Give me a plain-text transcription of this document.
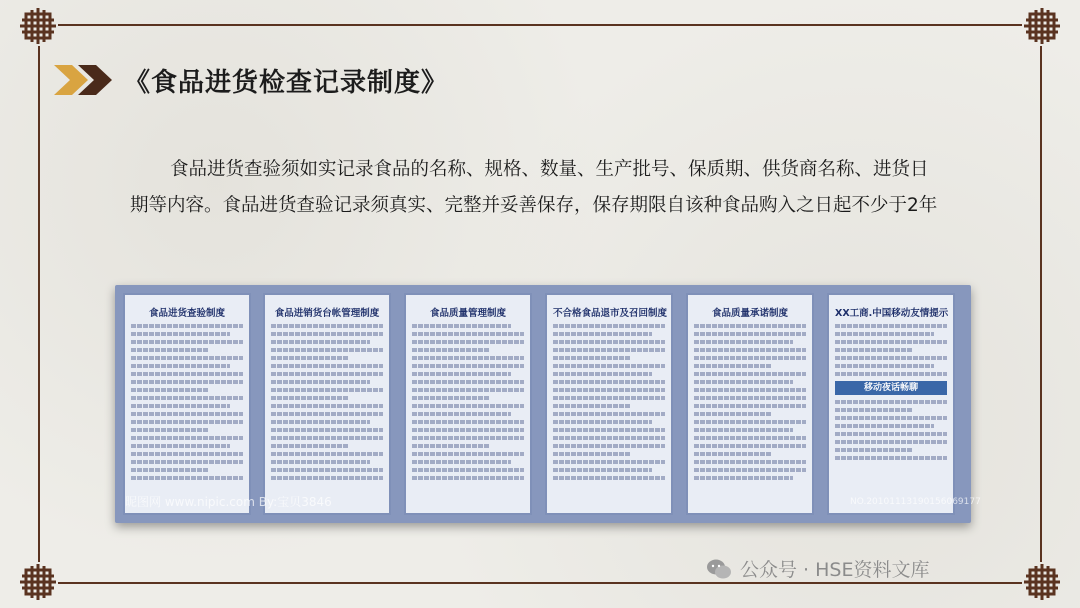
《食品进货检查记录制度》

食品进货查验须如实记录食品的名称、规格、数量、生产批号、保质期、供货商名称、进货日

期等内容。食品进货查验记录须真实、完整并妥善保存，保存期限自该种食品购入之日起不少于2年

食品进货查验制度	食品进销货台帐管理制度	食品质量管理制度	不合格食品退市及召回制度	食品质量承诺制度	XX工商.中国移动友情提示
移动夜话畅聊
昵图网 www.nipic.com By:宝贝3846	NO.20101113190156069177
公众号 · HSE资料文库
